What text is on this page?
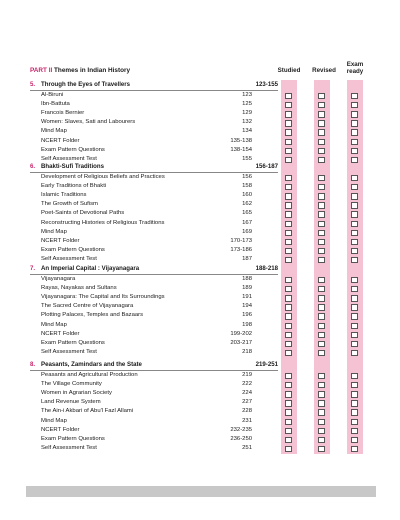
PART II Themes in Indian History	Studied	Revised
Exam ready
5. Through the Eyes of Travellers	123-155
Al-Biruni	123
Ibn-Battuta	125
Francois Bernier	129
Women: Slaves, Sati and Labourers	132
Mind Map	134
NCERT Folder	135-138
Exam Pattern Questions	138-154
Self Assessment Test	155
6. Bhakti-Sufi Traditions	156-187
Development of Religious Beliefs and Practices	156
Early Traditions of Bhakti	158
Islamic Traditions	160
The Growth of Sufism	162
Poet-Saints of Devotional Paths	165
Reconstructing Histories of Religious Traditions	167
Mind Map	169
NCERT Folder	170-173
Exam Pattern Questions	173-186
Self Assessment Test	187
7. An Imperial Capital : Vijayanagara	188-218
Vijayanagara	188
Rayas, Nayakas and Sultans	189
Vijayanagara: The Capital and Its Surroundings	191
The Sacred Centre of Vijayanagara	194
Plotting Palaces, Temples and Bazaars	196
Mind Map	198
NCERT Folder	199-202
Exam Pattern Questions	203-217
Self Assessment Test	218
8. Peasants, Zamindars and the State	219-251
Peasants and Agricultural Production	219
The Village Community	222
Women in Agrarian Society	224
Land Revenue System	227
The Ain-i Akbari of Abu'l Fazl Allami	228
Mind Map	231
NCERT Folder	232-235
Exam Pattern Questions	236-250
Self Assessment Test	251
